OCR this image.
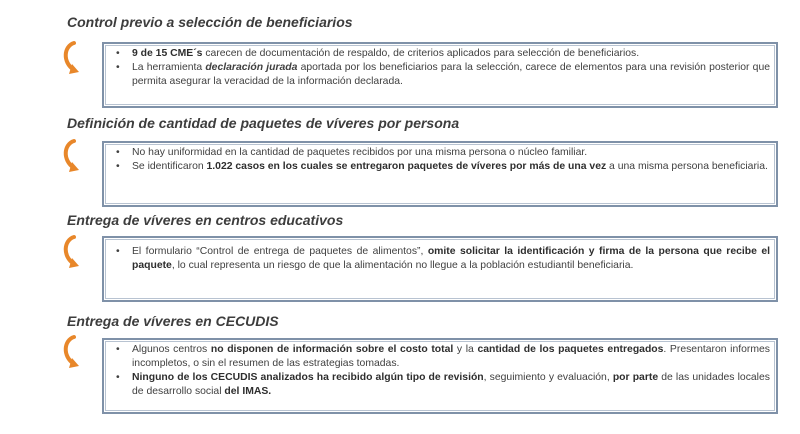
Control previo a selección de beneficiarios
• 9 de 15 CME´s carecen de documentación de respaldo, de criterios aplicados para selección de beneficiarios.
• La herramienta declaración jurada aportada por los beneficiarios para la selección, carece de elementos para una revisión posterior que permita asegurar la veracidad de la información declarada.
Definición de cantidad de paquetes de víveres por persona
• No hay uniformidad en la cantidad de paquetes recibidos por una misma persona o núcleo familiar.
• Se identificaron 1.022 casos en los cuales se entregaron paquetes de víveres por más de una vez a una misma persona beneficiaria.
Entrega de víveres en centros educativos
• El formulario “Control de entrega de paquetes de alimentos”, omite solicitar la identificación y firma de la persona que recibe el paquete, lo cual representa un riesgo de que la alimentación no llegue a la población estudiantil beneficiaria.
Entrega de víveres en CECUDIS
• Algunos centros no disponen de información sobre el costo total y la cantidad de los paquetes entregados. Presentaron informes incompletos, o sin el resumen de las estrategias tomadas.
• Ninguno de los CECUDIS analizados ha recibido algún tipo de revisión, seguimiento y evaluación, por parte de las unidades locales de desarrollo social del IMAS.
